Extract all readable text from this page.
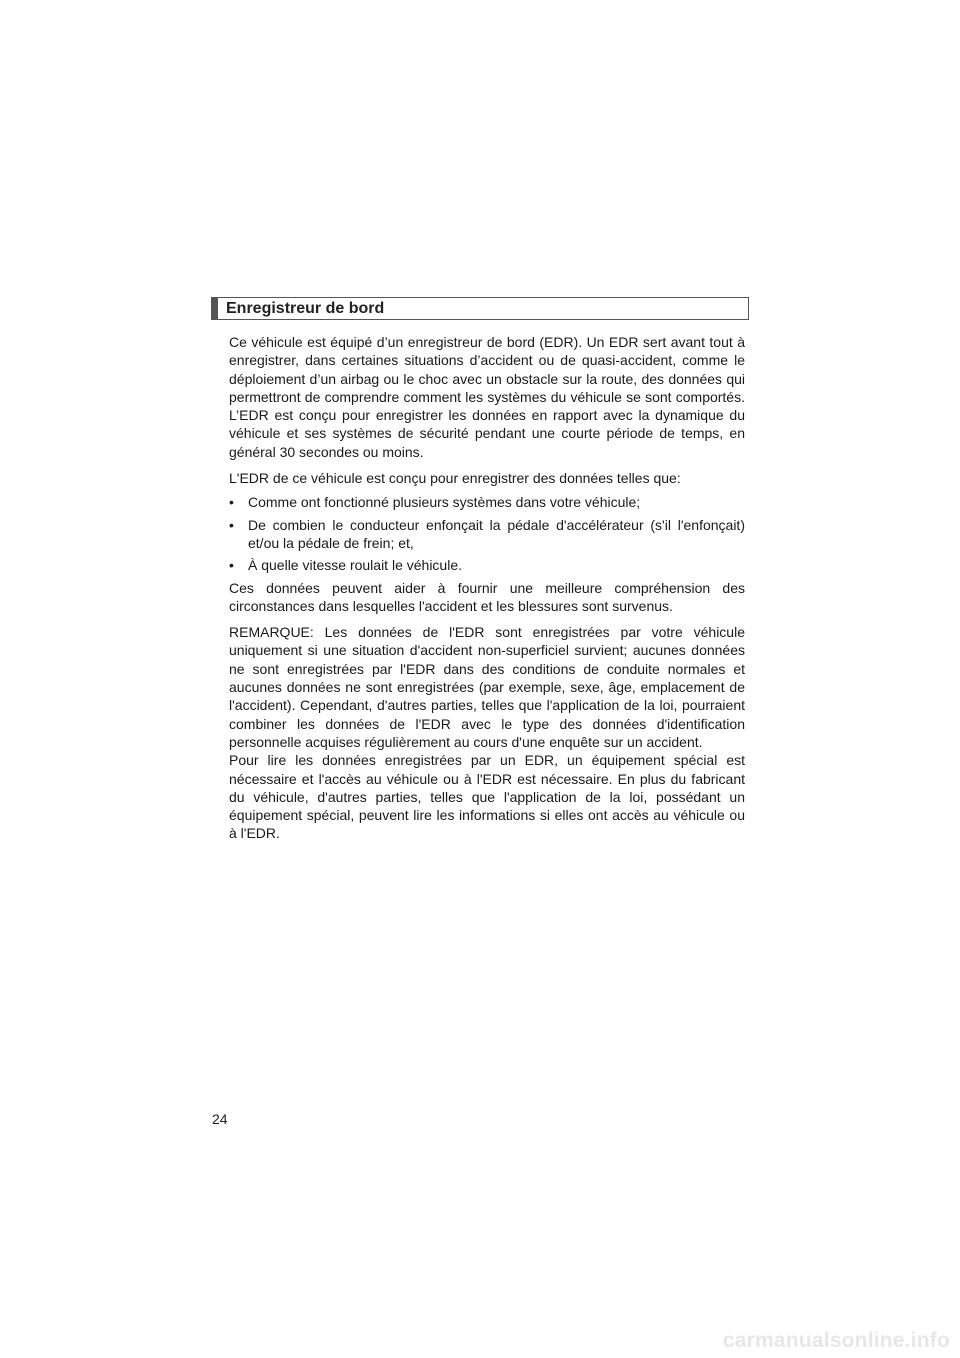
Enregistreur de bord

Ce véhicule est équipé d’un enregistreur de bord (EDR). Un EDR sert avant tout à enregistrer, dans certaines situations d’accident ou de quasi-accident, comme le déploiement d’un airbag ou le choc avec un obstacle sur la route, des données qui permettront de comprendre comment les systèmes du véhicule se sont comportés. L’EDR est conçu pour enregistrer les données en rapport avec la dynamique du véhicule et ses systèmes de sécurité pendant une courte période de temps, en général 30 secondes ou moins.

L'EDR de ce véhicule est conçu pour enregistrer des données telles que:

• Comme ont fonctionné plusieurs systèmes dans votre véhicule;
• De combien le conducteur enfonçait la pédale d'accélérateur (s'il l'enfonçait) et/ou la pédale de frein; et,
• À quelle vitesse roulait le véhicule.

Ces données peuvent aider à fournir une meilleure compréhension des circonstances dans lesquelles l'accident et les blessures sont survenus.

REMARQUE: Les données de l'EDR sont enregistrées par votre véhicule uniquement si une situation d'accident non-superficiel survient; aucunes données ne sont enregistrées par l'EDR dans des conditions de conduite normales et aucunes données ne sont enregistrées (par exemple, sexe, âge, emplacement de l'accident). Cependant, d'autres parties, telles que l'application de la loi, pourraient combiner les données de l'EDR avec le type des données d'identification personnelle acquises régulièrement au cours d'une enquête sur un accident.

Pour lire les données enregistrées par un EDR, un équipement spécial est nécessaire et l'accès au véhicule ou à l'EDR est nécessaire. En plus du fabricant du véhicule, d'autres parties, telles que l'application de la loi, possédant un équipement spécial, peuvent lire les informations si elles ont accès au véhicule ou à l'EDR.

24
carmanualsonline.info
